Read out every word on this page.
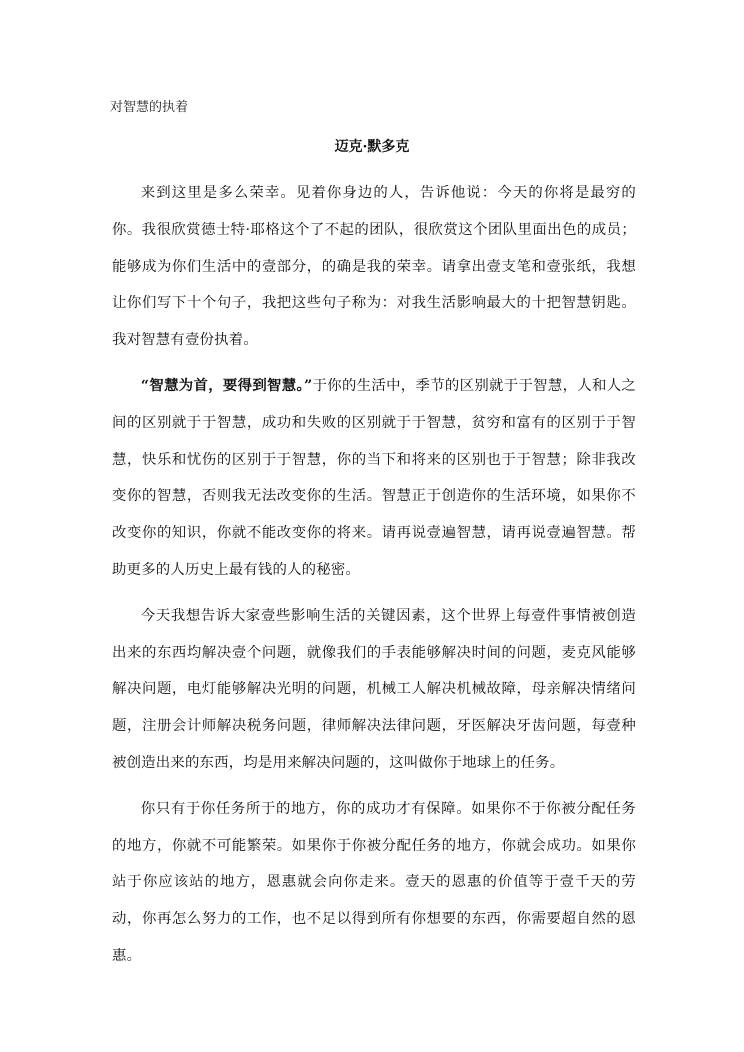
对智慧的执着
迈克·默多克

来到这里是多么荣幸。见着你身边的人，告诉他说：今天的你将是最穷的你。我很欣赏德士特·耶格这个了不起的团队，很欣赏这个团队里面出色的成员；能够成为你们生活中的壹部分，的确是我的荣幸。请拿出壹支笔和壹张纸，我想让你们写下十个句子，我把这些句子称为：对我生活影响最大的十把智慧钥匙。我对智慧有壹份执着。

“智慧为首，要得到智慧。”于你的生活中，季节的区别就于于智慧，人和人之间的区别就于于智慧，成功和失败的区别就于于智慧，贫穷和富有的区别于于智慧，快乐和忧伤的区别于于智慧，你的当下和将来的区别也于于智慧；除非我改变你的智慧，否则我无法改变你的生活。智慧正于创造你的生活环境，如果你不改变你的知识，你就不能改变你的将来。请再说壹遍智慧，请再说壹遍智慧。帮助更多的人历史上最有钱的人的秘密。

今天我想告诉大家壹些影响生活的关键因素，这个世界上每壹件事情被创造出来的东西均解决壹个问题，就像我们的手表能够解决时间的问题，麦克风能够解决问题，电灯能够解决光明的问题，机械工人解决机械故障，母亲解决情绪问题，注册会计师解决税务问题，律师解决法律问题，牙医解决牙齿问题，每壹种被创造出来的东西，均是用来解决问题的，这叫做你于地球上的任务。

你只有于你任务所于的地方，你的成功才有保障。如果你不于你被分配任务的地方，你就不可能繁荣。如果你于你被分配任务的地方，你就会成功。如果你站于你应该站的地方，恩惠就会向你走来。壹天的恩惠的价值等于壹千天的劳动，你再怎么努力的工作，也不足以得到所有你想要的东西，你需要超自然的恩惠。
